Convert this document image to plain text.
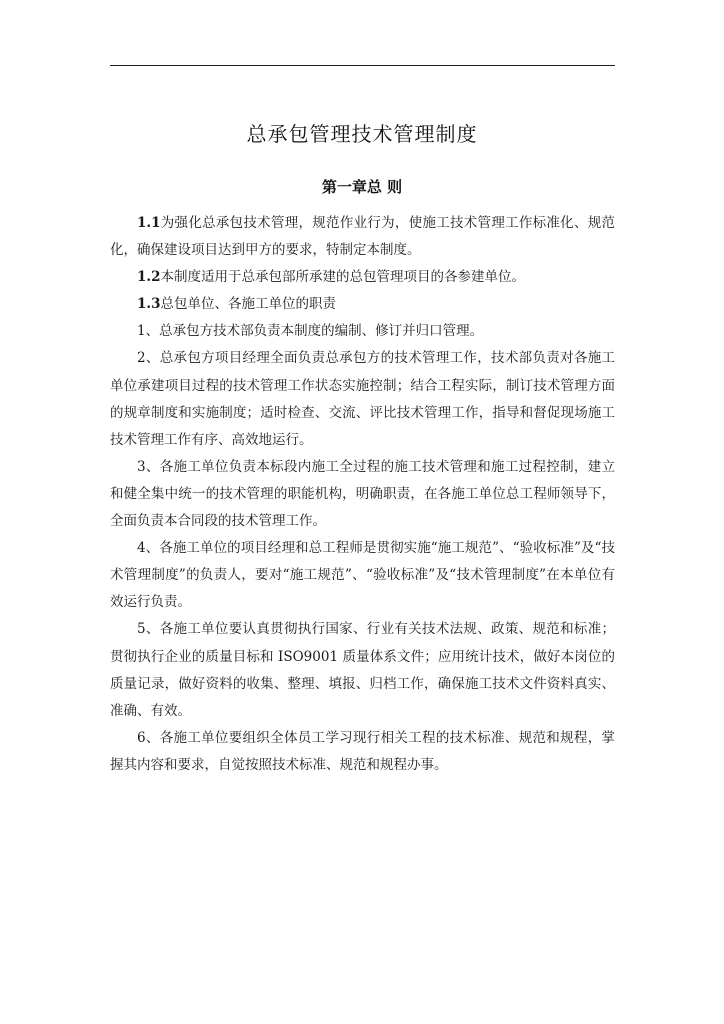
总承包管理技术管理制度
第一章总 则

1.1为强化总承包技术管理，规范作业行为，使施工技术管理工作标准化、规范化，确保建设项目达到甲方的要求，特制定本制度。

1.2本制度适用于总承包部所承建的总包管理项目的各参建单位。

1.3总包单位、各施工单位的职责

1、总承包方技术部负责本制度的编制、修订并归口管理。

2、总承包方项目经理全面负责总承包方的技术管理工作，技术部负责对各施工单位承建项目过程的技术管理工作状态实施控制；结合工程实际，制订技术管理方面的规章制度和实施制度；适时检查、交流、评比技术管理工作，指导和督促现场施工技术管理工作有序、高效地运行。

3、各施工单位负责本标段内施工全过程的施工技术管理和施工过程控制，建立和健全集中统一的技术管理的职能机构，明确职责，在各施工单位总工程师领导下，全面负责本合同段的技术管理工作。

4、各施工单位的项目经理和总工程师是贯彻实施“施工规范”、“验收标准”及“技术管理制度”的负责人，要对“施工规范”、“验收标准”及“技术管理制度”在本单位有效运行负责。

5、各施工单位要认真贯彻执行国家、行业有关技术法规、政策、规范和标准；贯彻执行企业的质量目标和 ISO9001 质量体系文件；应用统计技术，做好本岗位的质量记录，做好资料的收集、整理、填报、归档工作，确保施工技术文件资料真实、准确、有效。

6、各施工单位要组织全体员工学习现行相关工程的技术标准、规范和规程，掌握其内容和要求，自觉按照技术标准、规范和规程办事。
